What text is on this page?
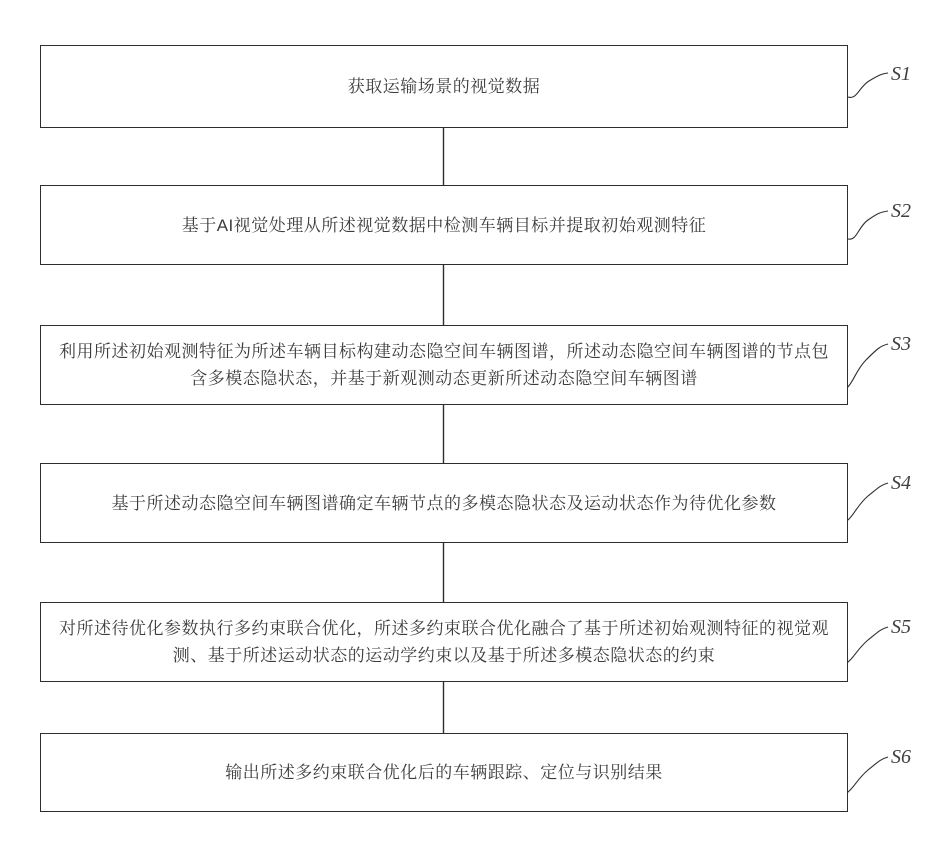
获取运输场景的视觉数据
基于AI视觉处理从所述视觉数据中检测车辆目标并提取初始观测特征
利用所述初始观测特征为所述车辆目标构建动态隐空间车辆图谱，所述动态隐空间车辆图谱的节点包
含多模态隐状态，并基于新观测动态更新所述动态隐空间车辆图谱
基于所述动态隐空间车辆图谱确定车辆节点的多模态隐状态及运动状态作为待优化参数
对所述待优化参数执行多约束联合优化，所述多约束联合优化融合了基于所述初始观测特征的视觉观
测、基于所述运动状态的运动学约束以及基于所述多模态隐状态的约束
输出所述多约束联合优化后的车辆跟踪、定位与识别结果
S1
S2
S3
S4
S5
S6
